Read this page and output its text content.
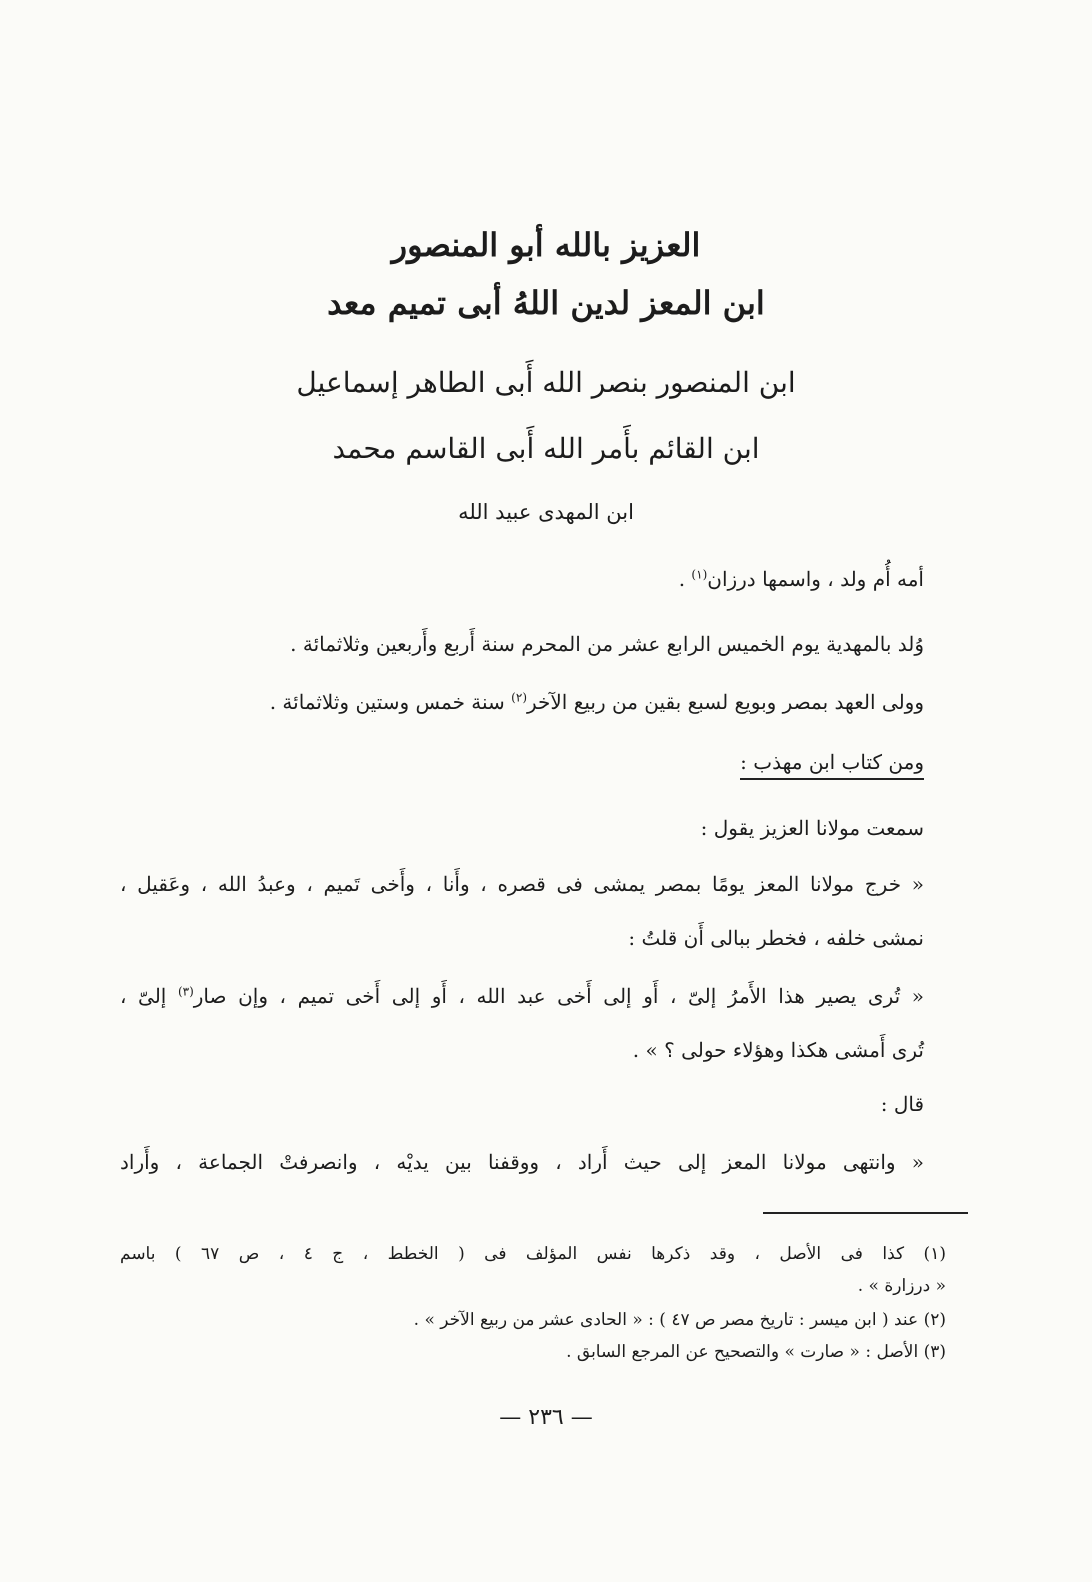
العزيز بالله أبو المنصور
ابن المعز لدين اللهُ أبى تميم معد
ابن المنصور بنصر الله أَبى الطاهر إسماعيل
ابن القائم بأَمر الله أَبى القاسم محمد
ابن المهدى عبيد الله
أمه أُم ولد ، واسمها درزان$^{(١)}$ .
وُلد بالمهدية يوم الخميس الرابع عشر من المحرم سنة أَربع وأَربعين وثلاثمائة .
وولى العهد بمصر وبويع لسبع بقين من ربيع الآخر$^{(٢)}$ سنة خمس وستين وثلاثمائة .
ومن كتاب ابن مهذب :
سمعت مولانا العزيز يقول :
« خرج مولانا المعز يومًا بمصر يمشى فى قصره ، وأَنا ، وأَخى تَميم ، وعبدُ الله ، وعَقيل ،
نمشى خلفه ، فخطر ببالى أَن قلتُ :
« تُرى يصير هذا الأَمرُ إلىّ ، أَو إلى أَخى عبد الله ، أَو إلى أَخى تميم ، وإن صار$^{(٣)}$ إلىّ ،
تُرى أَمشى هكذا وهؤلاء حولى ؟ » .
قال :
« وانتهى مولانا المعز إلى حيث أَراد ، ووقفنا بين يديْه ، وانصرفتْ الجماعة ، وأَراد
(١) كذا فى الأصل ، وقد ذكرها نفس المؤلف فى ( الخطط ، ج ٤ ، ص ٦٧ ) باسم
« درزارة » .
(٢) عند ( ابن ميسر : تاريخ مصر ص ٤٧ ) : « الحادى عشر من ربيع الآخر » .
(٣) الأصل : « صارت » والتصحيح عن المرجع السابق .
— ٢٣٦ —
